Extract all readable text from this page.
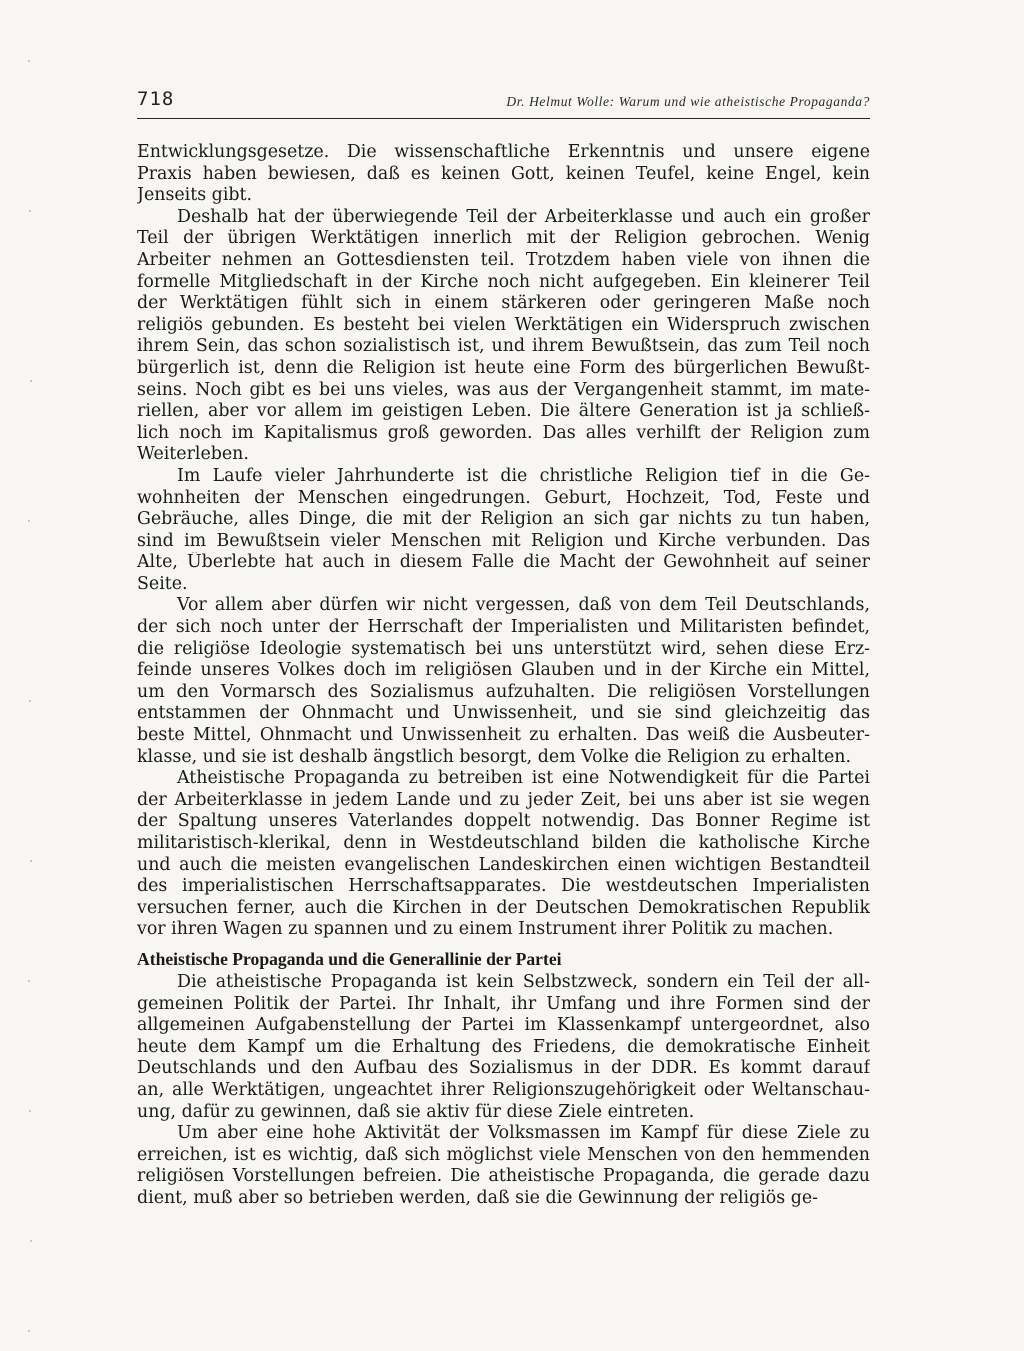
718	Dr. Helmut Wolle: Warum und wie atheistische Propaganda?
Entwicklungsgesetze. Die wissenschaftliche Erkenntnis und unsere eigene
Praxis haben bewiesen, daß es keinen Gott, keinen Teufel, keine Engel, kein
Jenseits gibt.
Deshalb hat der überwiegende Teil der Arbeiterklasse und auch ein großer
Teil der übrigen Werktätigen innerlich mit der Religion gebrochen. Wenig
Arbeiter nehmen an Gottesdiensten teil. Trotzdem haben viele von ihnen die
formelle Mitgliedschaft in der Kirche noch nicht aufgegeben. Ein kleinerer Teil
der Werktätigen fühlt sich in einem stärkeren oder geringeren Maße noch
religiös gebunden. Es besteht bei vielen Werktätigen ein Widerspruch zwischen
ihrem Sein, das schon sozialistisch ist, und ihrem Bewußtsein, das zum Teil noch
bürgerlich ist, denn die Religion ist heute eine Form des bürgerlichen Bewußt-
seins. Noch gibt es bei uns vieles, was aus der Vergangenheit stammt, im mate-
riellen, aber vor allem im geistigen Leben. Die ältere Generation ist ja schließ-
lich noch im Kapitalismus groß geworden. Das alles verhilft der Religion zum
Weiterleben.
Im Laufe vieler Jahrhunderte ist die christliche Religion tief in die Ge-
wohnheiten der Menschen eingedrungen. Geburt, Hochzeit, Tod, Feste und
Gebräuche, alles Dinge, die mit der Religion an sich gar nichts zu tun haben,
sind im Bewußtsein vieler Menschen mit Religion und Kirche verbunden. Das
Alte, Überlebte hat auch in diesem Falle die Macht der Gewohnheit auf seiner
Seite.
Vor allem aber dürfen wir nicht vergessen, daß von dem Teil Deutschlands,
der sich noch unter der Herrschaft der Imperialisten und Militaristen befindet,
die religiöse Ideologie systematisch bei uns unterstützt wird, sehen diese Erz-
feinde unseres Volkes doch im religiösen Glauben und in der Kirche ein Mittel,
um den Vormarsch des Sozialismus aufzuhalten. Die religiösen Vorstellungen
entstammen der Ohnmacht und Unwissenheit, und sie sind gleichzeitig das
beste Mittel, Ohnmacht und Unwissenheit zu erhalten. Das weiß die Ausbeuter-
klasse, und sie ist deshalb ängstlich besorgt, dem Volke die Religion zu erhalten.
Atheistische Propaganda zu betreiben ist eine Notwendigkeit für die Partei
der Arbeiterklasse in jedem Lande und zu jeder Zeit, bei uns aber ist sie wegen
der Spaltung unseres Vaterlandes doppelt notwendig. Das Bonner Regime ist
militaristisch-klerikal, denn in Westdeutschland bilden die katholische Kirche
und auch die meisten evangelischen Landeskirchen einen wichtigen Bestandteil
des imperialistischen Herrschaftsapparates. Die westdeutschen Imperialisten
versuchen ferner, auch die Kirchen in der Deutschen Demokratischen Republik
vor ihren Wagen zu spannen und zu einem Instrument ihrer Politik zu machen.
Atheistische Propaganda und die Generallinie der Partei
Die atheistische Propaganda ist kein Selbstzweck, sondern ein Teil der all-
gemeinen Politik der Partei. Ihr Inhalt, ihr Umfang und ihre Formen sind der
allgemeinen Aufgabenstellung der Partei im Klassenkampf untergeordnet, also
heute dem Kampf um die Erhaltung des Friedens, die demokratische Einheit
Deutschlands und den Aufbau des Sozialismus in der DDR. Es kommt darauf
an, alle Werktätigen, ungeachtet ihrer Religionszugehörigkeit oder Weltanschau-
ung, dafür zu gewinnen, daß sie aktiv für diese Ziele eintreten.
Um aber eine hohe Aktivität der Volksmassen im Kampf für diese Ziele zu
erreichen, ist es wichtig, daß sich möglichst viele Menschen von den hemmenden
religiösen Vorstellungen befreien. Die atheistische Propaganda, die gerade dazu
dient, muß aber so betrieben werden, daß sie die Gewinnung der religiös ge-
